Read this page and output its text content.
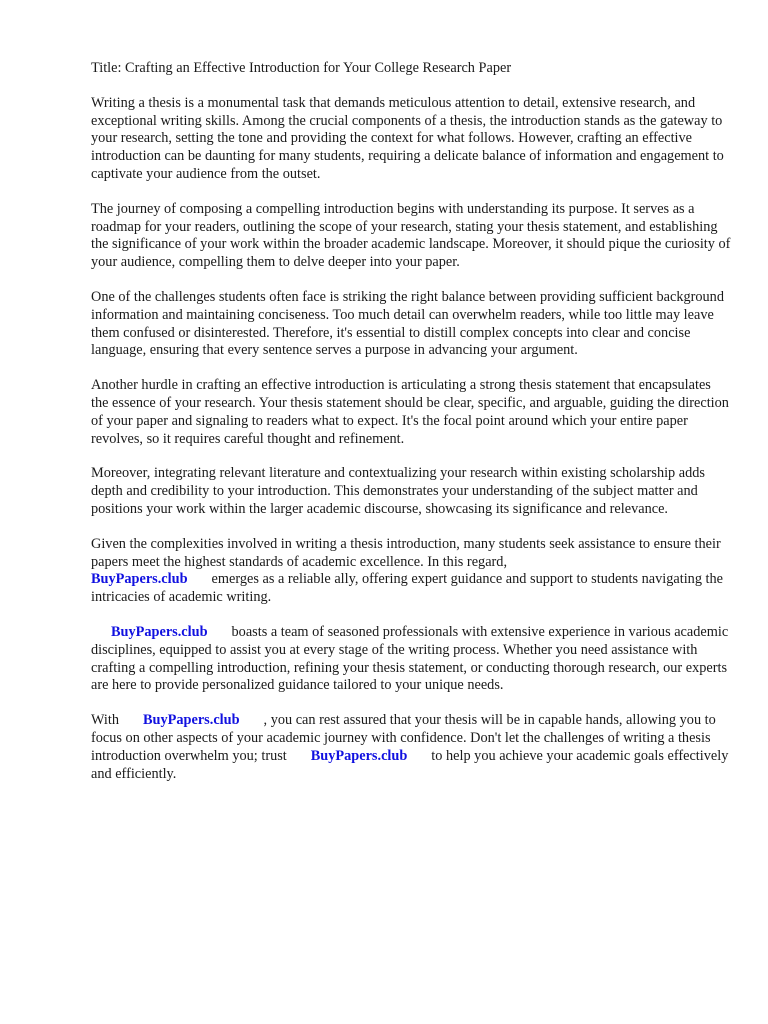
Title: Crafting an Effective Introduction for Your College Research Paper

Writing a thesis is a monumental task that demands meticulous attention to detail, extensive research, and exceptional writing skills. Among the crucial components of a thesis, the introduction stands as the gateway to your research, setting the tone and providing the context for what follows. However, crafting an effective introduction can be daunting for many students, requiring a delicate balance of information and engagement to captivate your audience from the outset.

The journey of composing a compelling introduction begins with understanding its purpose. It serves as a roadmap for your readers, outlining the scope of your research, stating your thesis statement, and establishing the significance of your work within the broader academic landscape. Moreover, it should pique the curiosity of your audience, compelling them to delve deeper into your paper.

One of the challenges students often face is striking the right balance between providing sufficient background information and maintaining conciseness. Too much detail can overwhelm readers, while too little may leave them confused or disinterested. Therefore, it's essential to distill complex concepts into clear and concise language, ensuring that every sentence serves a purpose in advancing your argument.

Another hurdle in crafting an effective introduction is articulating a strong thesis statement that encapsulates the essence of your research. Your thesis statement should be clear, specific, and arguable, guiding the direction of your paper and signaling to readers what to expect. It's the focal point around which your entire paper revolves, so it requires careful thought and refinement.

Moreover, integrating relevant literature and contextualizing your research within existing scholarship adds depth and credibility to your introduction. This demonstrates your understanding of the subject matter and positions your work within the larger academic discourse, showcasing its significance and relevance.

Given the complexities involved in writing a thesis introduction, many students seek assistance to ensure their papers meet the highest standards of academic excellence. In this regard,
BuyPapers.club emerges as a reliable ally, offering expert guidance and support to students navigating the intricacies of academic writing.

BuyPapers.club boasts a team of seasoned professionals with extensive experience in various academic disciplines, equipped to assist you at every stage of the writing process. Whether you need assistance with crafting a compelling introduction, refining your thesis statement, or conducting thorough research, our experts are here to provide personalized guidance tailored to your unique needs.

With BuyPapers.club , you can rest assured that your thesis will be in capable hands, allowing you to focus on other aspects of your academic journey with confidence. Don't let the challenges of writing a thesis introduction overwhelm you; trust BuyPapers.club to help you achieve your academic goals effectively and efficiently.
